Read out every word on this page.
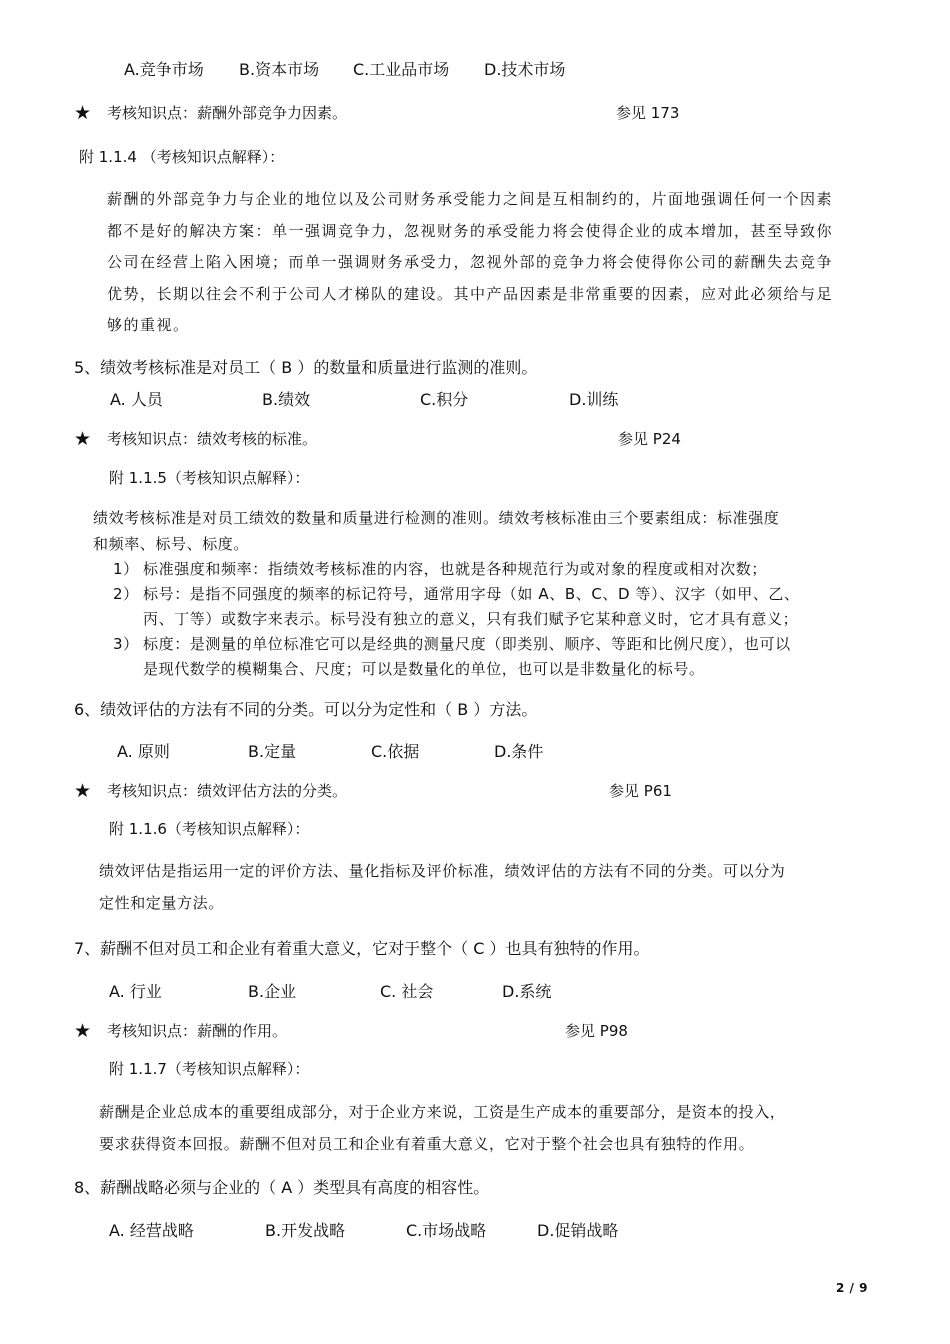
A.竞争市场 B.资本市场 C.工业品市场 D.技术市场
★ 考核知识点：薪酬外部竞争力因素。	参见 173
附 1.1.4 （考核知识点解释）：
薪酬的外部竞争力与企业的地位以及公司财务承受能力之间是互相制约的，片面地强调任何一个因素
都不是好的解决方案：单一强调竞争力，忽视财务的承受能力将会使得企业的成本增加，甚至导致你
公司在经营上陷入困境；而单一强调财务承受力，忽视外部的竞争力将会使得你公司的薪酬失去竞争
优势，长期以往会不利于公司人才梯队的建设。其中产品因素是非常重要的因素，应对此必须给与足
够的重视。
5、绩效考核标准是对员工（ B ）的数量和质量进行监测的准则。
A. 人员	B.绩效	C.积分	D.训练
★ 考核知识点：绩效考核的标准。	参见 P24
附 1.1.5（考核知识点解释）：
绩效考核标准是对员工绩效的数量和质量进行检测的准则。绩效考核标准由三个要素组成：标准强度
和频率、标号、标度。
1） 标准强度和频率：指绩效考核标准的内容，也就是各种规范行为或对象的程度或相对次数；
2） 标号：是指不同强度的频率的标记符号，通常用字母（如 A、B、C、D 等）、汉字（如甲、乙、
丙、丁等）或数字来表示。标号没有独立的意义，只有我们赋予它某种意义时，它才具有意义；
3） 标度：是测量的单位标准它可以是经典的测量尺度（即类别、顺序、等距和比例尺度），也可以
是现代数学的模糊集合、尺度；可以是数量化的单位，也可以是非数量化的标号。
6、绩效评估的方法有不同的分类。可以分为定性和（ B ）方法。
A. 原则	B.定量	C.依据	D.条件
★ 考核知识点：绩效评估方法的分类。	参见 P61
附 1.1.6（考核知识点解释）：
绩效评估是指运用一定的评价方法、量化指标及评价标准，绩效评估的方法有不同的分类。可以分为
定性和定量方法。
7、薪酬不但对员工和企业有着重大意义，它对于整个（ C ）也具有独特的作用。
A. 行业	B.企业	C. 社会	D.系统
★ 考核知识点：薪酬的作用。	参见 P98
附 1.1.7（考核知识点解释）：
薪酬是企业总成本的重要组成部分，对于企业方来说，工资是生产成本的重要部分，是资本的投入，
要求获得资本回报。薪酬不但对员工和企业有着重大意义，它对于整个社会也具有独特的作用。
8、薪酬战略必须与企业的（ A ）类型具有高度的相容性。
A. 经营战略	B.开发战略	C.市场战略	D.促销战略
2 / 9
